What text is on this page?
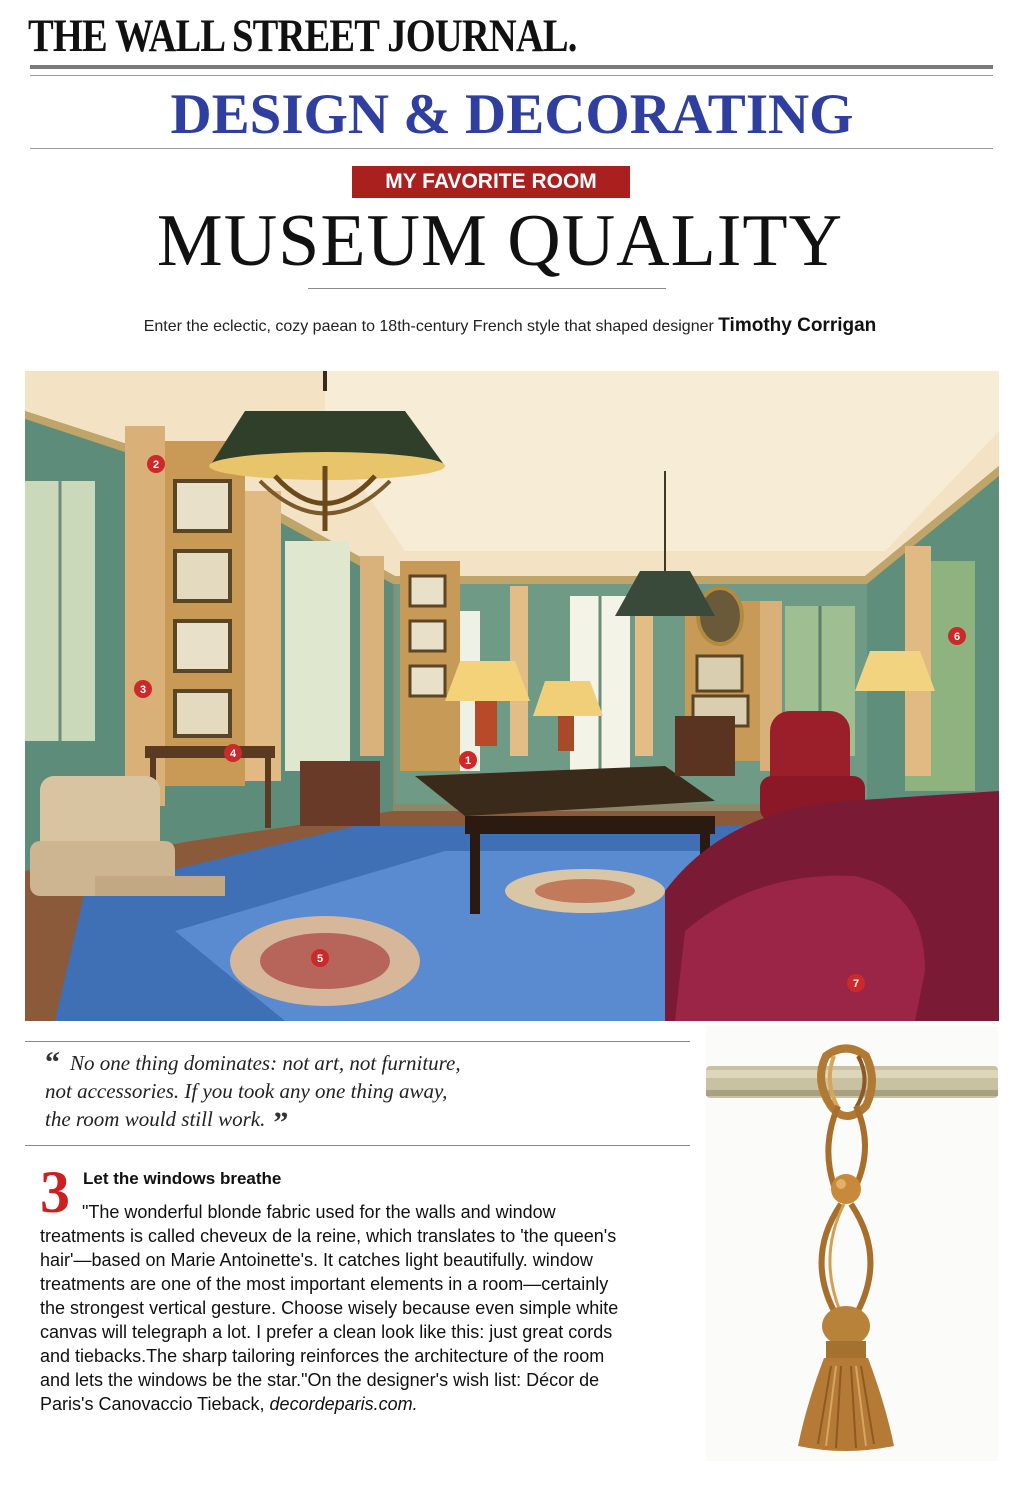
THE WALL STREET JOURNAL.
DESIGN & DECORATING
MY FAVORITE ROOM
MUSEUM QUALITY
Enter the eclectic, cozy paean to 18th-century French style that shaped designer Timothy Corrigan
1
2
3
4
5
6
7
“ No one thing dominates: not art, not furniture,
not accessories. If you took any one thing away,
the room would still work. ”
3 Let the windows breathe
"The wonderful blonde fabric used for the walls and window
treatments is called cheveux de la reine, which translates to 'the queen's
hair'—based on Marie Antoinette's. It catches light beautifully. window
treatments are one of the most important elements in a room—certainly
the strongest vertical gesture. Choose wisely because even simple white
canvas will telegraph a lot. I prefer a clean look like this: just great cords
and tiebacks.The sharp tailoring reinforces the architecture of the room
and lets the windows be the star."On the designer's wish list: Décor de
Paris's Canovaccio Tieback, decordeparis.com.
